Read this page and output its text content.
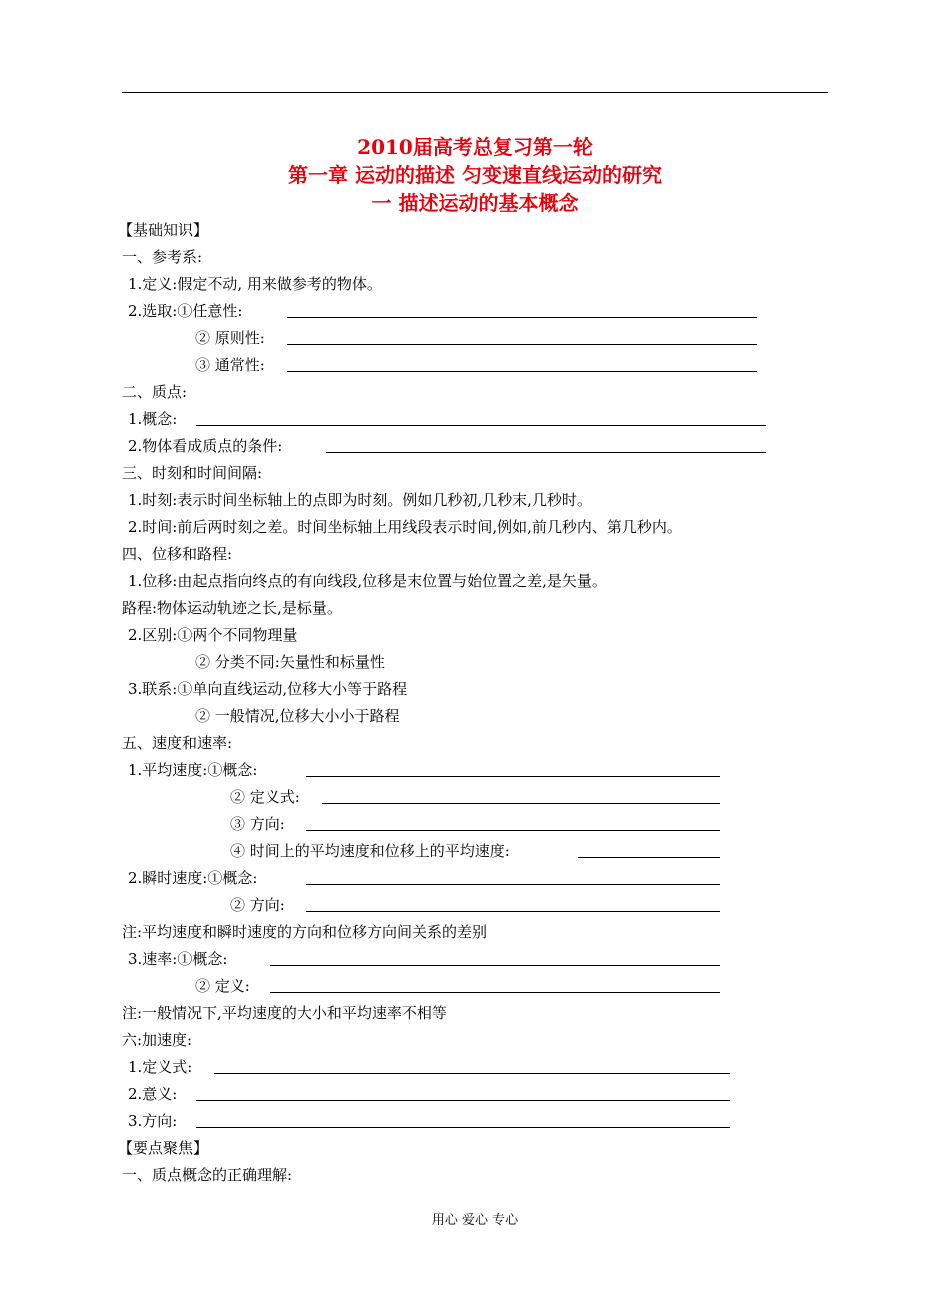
2010届高考总复习第一轮
第一章 运动的描述 匀变速直线运动的研究
一 描述运动的基本概念
【基础知识】
一、参考系:
1.定义:假定不动, 用来做参考的物体。
2.选取:①任意性:
② 原则性:
③ 通常性:
二、质点:
1.概念:
2.物体看成质点的条件:
三、时刻和时间间隔:
1.时刻:表示时间坐标轴上的点即为时刻。例如几秒初,几秒末,几秒时。
2.时间:前后两时刻之差。时间坐标轴上用线段表示时间,例如,前几秒内、第几秒内。
四、位移和路程:
1.位移:由起点指向终点的有向线段,位移是末位置与始位置之差,是矢量。
路程:物体运动轨迹之长,是标量。
2.区别:①两个不同物理量
② 分类不同:矢量性和标量性
3.联系:①单向直线运动,位移大小等于路程
② 一般情况,位移大小小于路程
五、速度和速率:
1.平均速度:①概念:
② 定义式:
③ 方向:
④ 时间上的平均速度和位移上的平均速度:
2.瞬时速度:①概念:
② 方向:
注:平均速度和瞬时速度的方向和位移方向间关系的差别
3.速率:①概念:
② 定义:
注:一般情况下,平均速度的大小和平均速率不相等
六:加速度:
1.定义式:
2.意义:
3.方向:
【要点聚焦】
一、质点概念的正确理解:
用心 爱心 专心
